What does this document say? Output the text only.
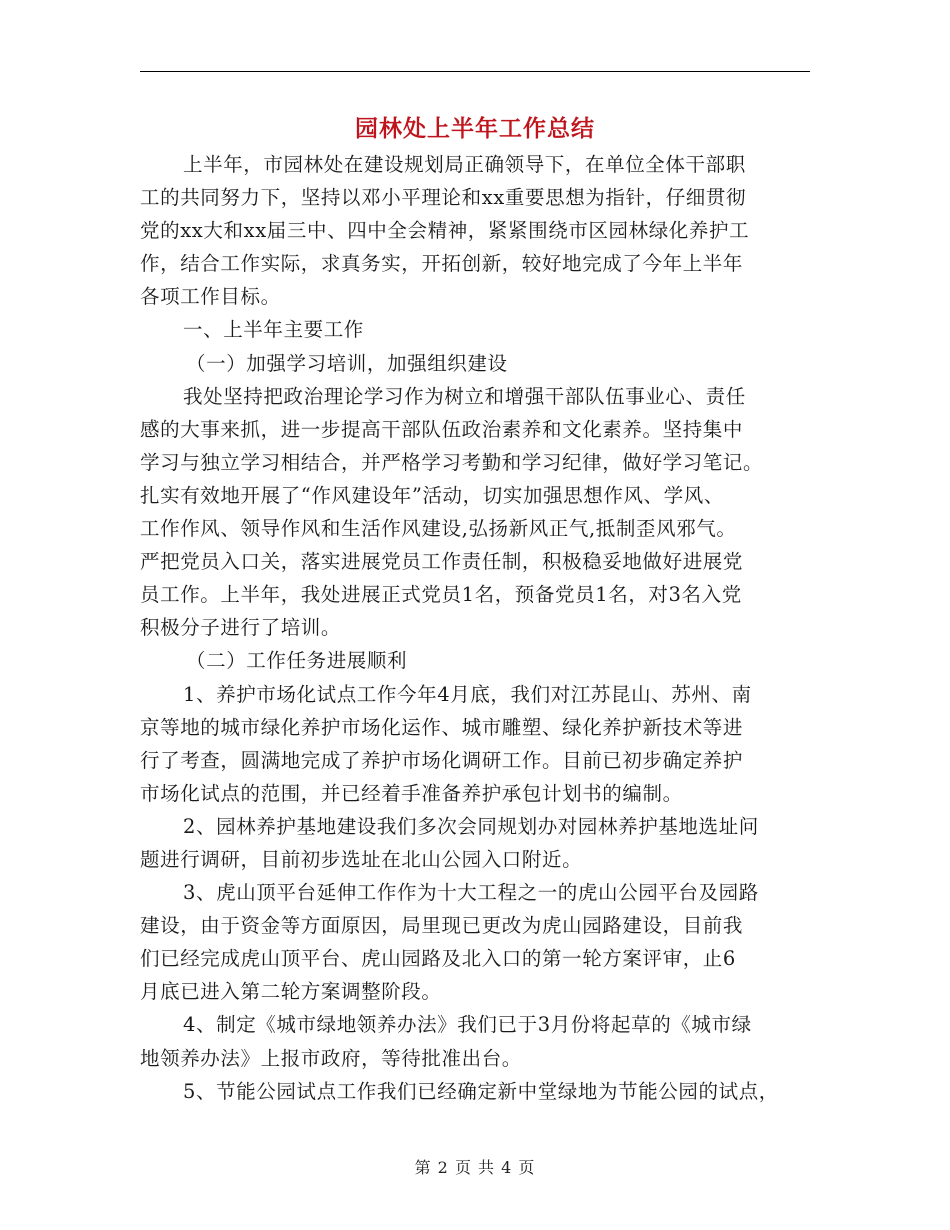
园林处上半年工作总结
上半年，市园林处在建设规划局正确领导下，在单位全体干部职
工的共同努力下，坚持以邓小平理论和xx重要思想为指针，仔细贯彻
党的xx大和xx届三中、四中全会精神，紧紧围绕市区园林绿化养护工
作，结合工作实际，求真务实，开拓创新，较好地完成了今年上半年
各项工作目标。
一、上半年主要工作
（一）加强学习培训，加强组织建设
我处坚持把政治理论学习作为树立和增强干部队伍事业心、责任
感的大事来抓，进一步提高干部队伍政治素养和文化素养。坚持集中
学习与独立学习相结合，并严格学习考勤和学习纪律，做好学习笔记。
扎实有效地开展了“作风建设年”活动，切实加强思想作风、学风、
工作作风、领导作风和生活作风建设,弘扬新风正气,抵制歪风邪气。
严把党员入口关，落实进展党员工作责任制，积极稳妥地做好进展党
员工作。上半年，我处进展正式党员1名，预备党员1名，对3名入党
积极分子进行了培训。
（二）工作任务进展顺利
1、养护市场化试点工作今年4月底，我们对江苏昆山、苏州、南
京等地的城市绿化养护市场化运作、城市雕塑、绿化养护新技术等进
行了考查，圆满地完成了养护市场化调研工作。目前已初步确定养护
市场化试点的范围，并已经着手准备养护承包计划书的编制。
2、园林养护基地建设我们多次会同规划办对园林养护基地选址问
题进行调研，目前初步选址在北山公园入口附近。
3、虎山顶平台延伸工作作为十大工程之一的虎山公园平台及园路
建设，由于资金等方面原因，局里现已更改为虎山园路建设，目前我
们已经完成虎山顶平台、虎山园路及北入口的第一轮方案评审，止6
月底已进入第二轮方案调整阶段。
4、制定《城市绿地领养办法》我们已于3月份将起草的《城市绿
地领养办法》上报市政府，等待批准出台。
5、节能公园试点工作我们已经确定新中堂绿地为节能公园的试点，
第 2 页 共 4 页
